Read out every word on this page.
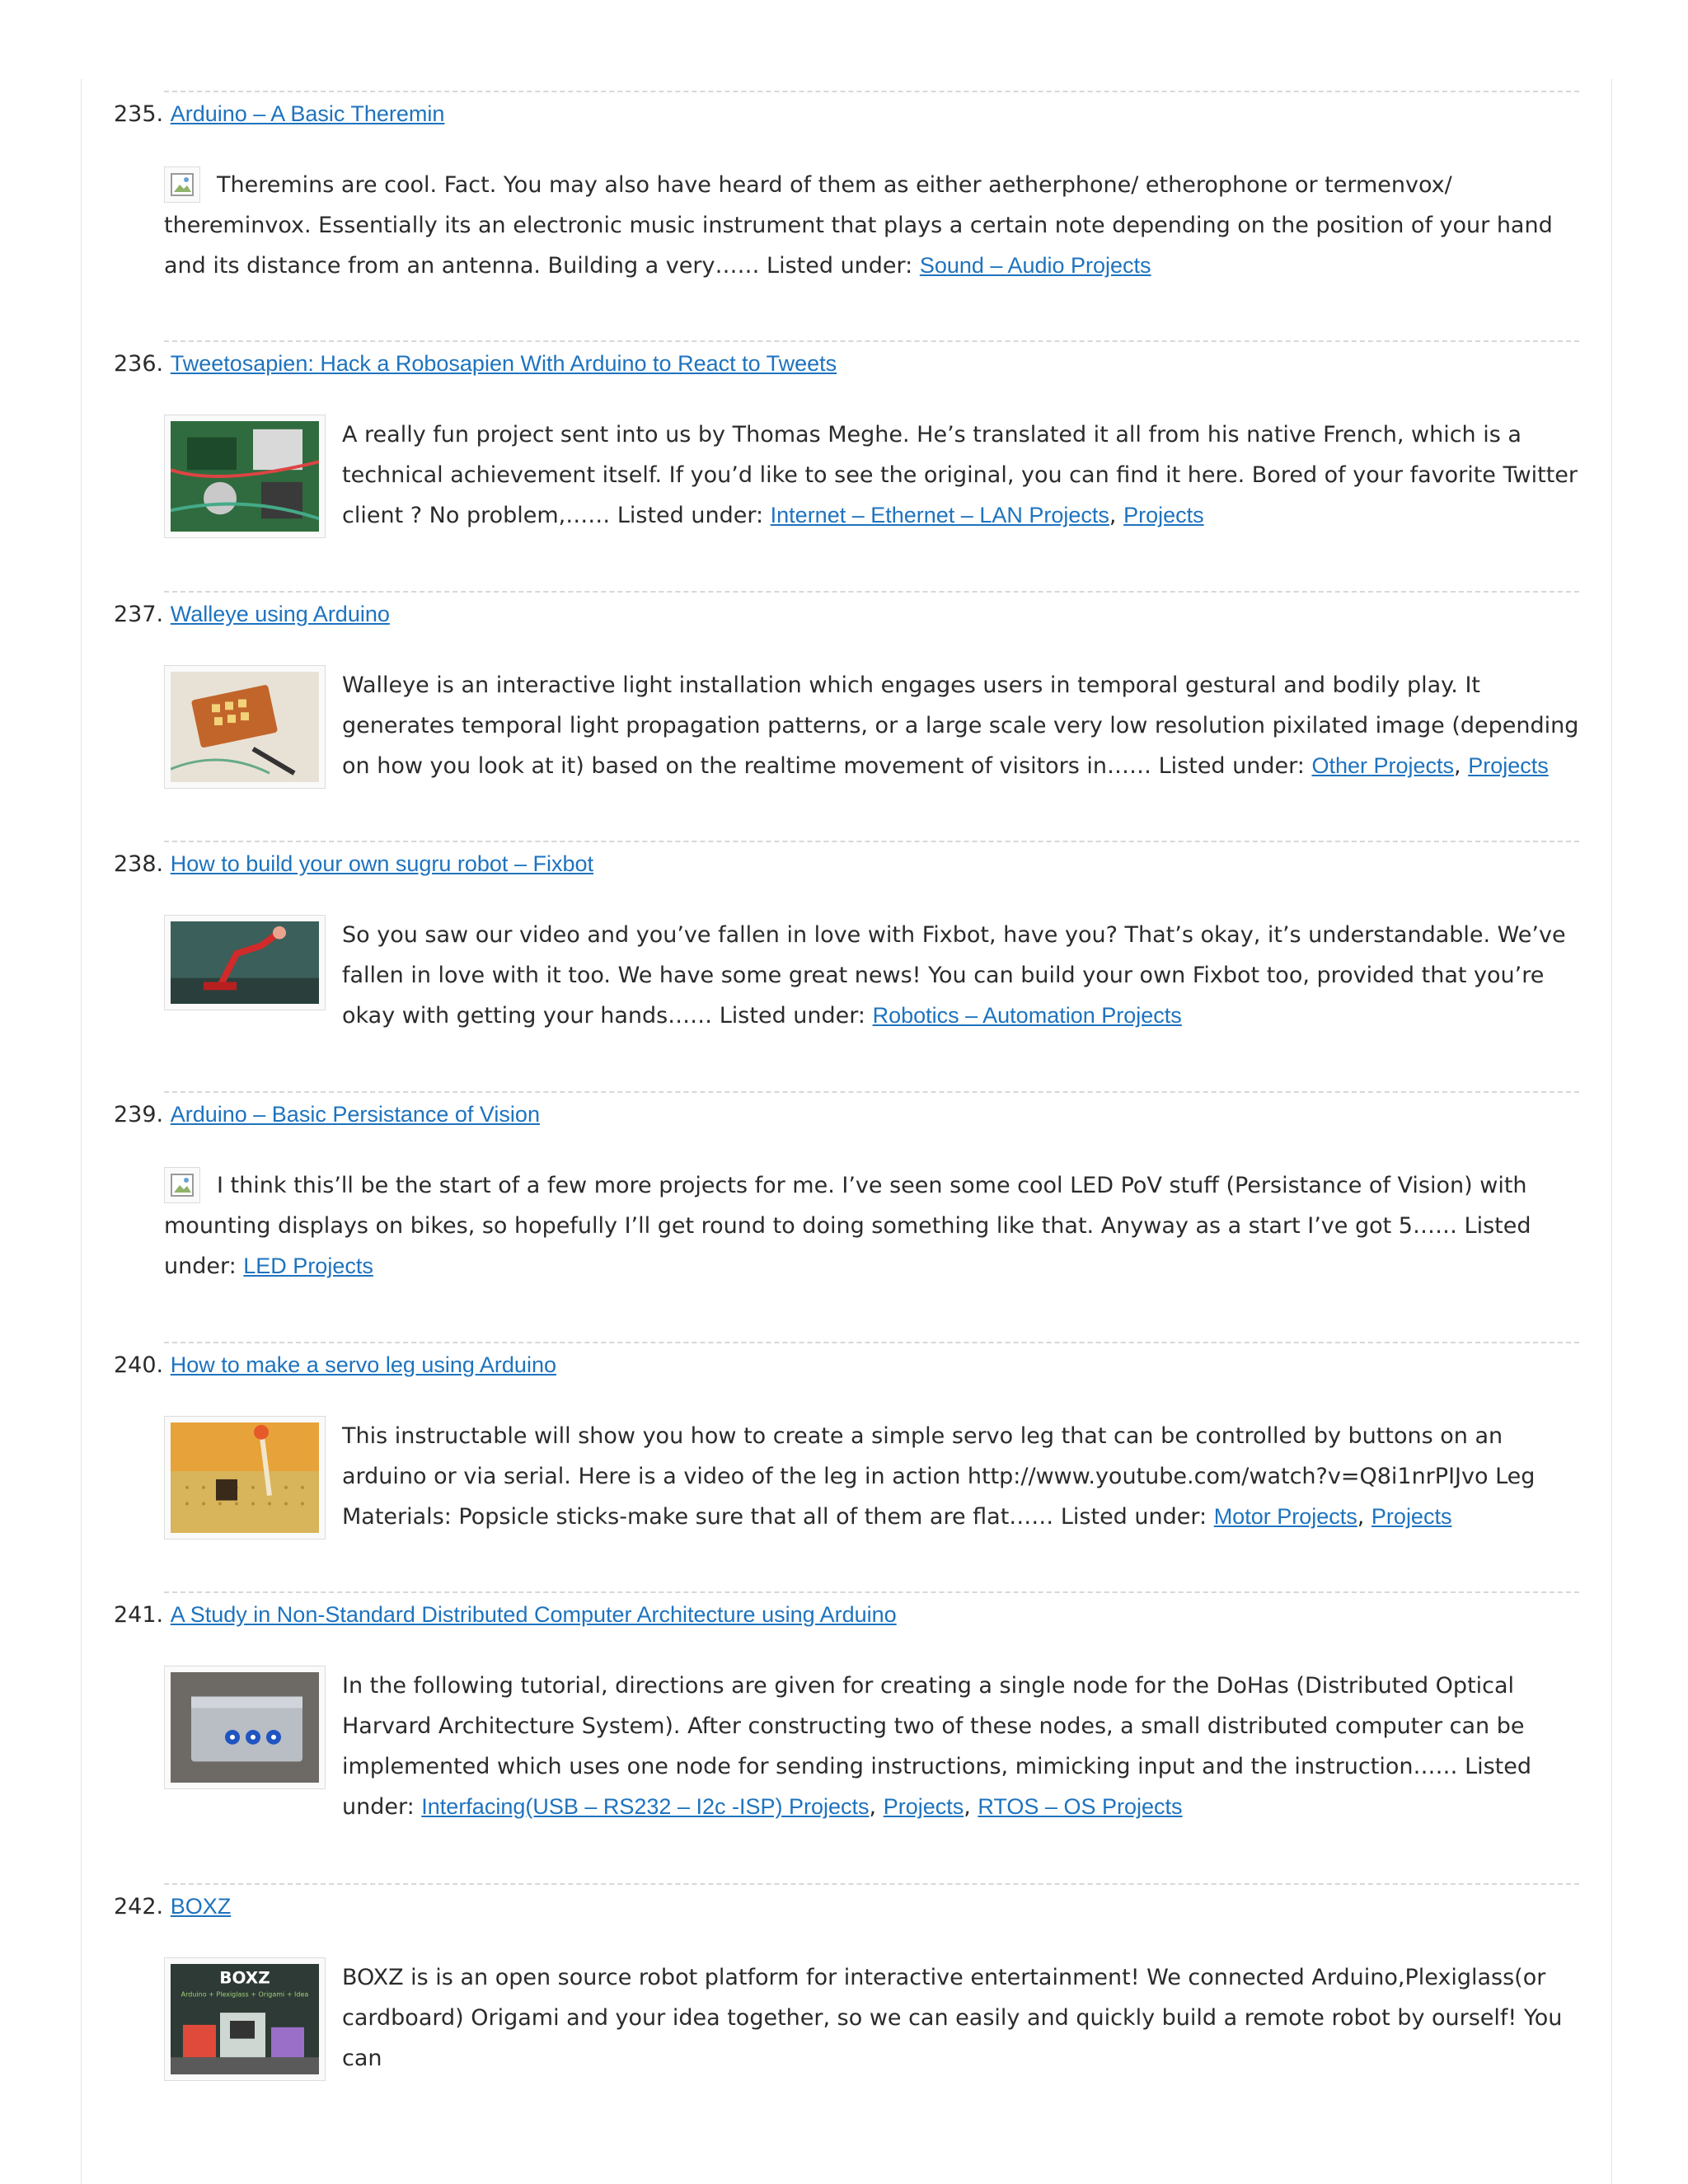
235. Arduino – A Basic Theremin
Theremins are cool. Fact. You may also have heard of them as either aetherphone/ etherophone or termenvox/ thereminvox. Essentially its an electronic music instrument that plays a certain note depending on the position of your hand and its distance from an antenna. Building a very…… Listed under: Sound – Audio Projects
236. Tweetosapien: Hack a Robosapien With Arduino to React to Tweets
A really fun project sent into us by Thomas Meghe. He’s translated it all from his native French, which is a technical achievement itself. If you’d like to see the original, you can find it here. Bored of your favorite Twitter client ? No problem,…… Listed under: Internet – Ethernet – LAN Projects, Projects
237. Walleye using Arduino
Walleye is an interactive light installation which engages users in temporal gestural and bodily play. It generates temporal light propagation patterns, or a large scale very low resolution pixilated image (depending on how you look at it) based on the realtime movement of visitors in…… Listed under: Other Projects, Projects
238. How to build your own sugru robot – Fixbot
So you saw our video and you’ve fallen in love with Fixbot, have you? That’s okay, it’s understandable. We’ve fallen in love with it too. We have some great news! You can build your own Fixbot too, provided that you’re okay with getting your hands…… Listed under: Robotics – Automation Projects
239. Arduino – Basic Persistance of Vision
I think this’ll be the start of a few more projects for me. I’ve seen some cool LED PoV stuff (Persistance of Vision) with mounting displays on bikes, so hopefully I’ll get round to doing something like that. Anyway as a start I’ve got 5…… Listed under: LED Projects
240. How to make a servo leg using Arduino
This instructable will show you how to create a simple servo leg that can be controlled by buttons on an arduino or via serial. Here is a video of the leg in action http://www.youtube.com/watch?v=Q8i1nrPIJvo Leg Materials: Popsicle sticks-make sure that all of them are flat…… Listed under: Motor Projects, Projects
241. A Study in Non-Standard Distributed Computer Architecture using Arduino
In the following tutorial, directions are given for creating a single node for the DoHas (Distributed Optical Harvard Architecture System). After constructing two of these nodes, a small distributed computer can be implemented which uses one node for sending instructions, mimicking input and the instruction…… Listed under: Interfacing(USB – RS232 – I2c -ISP) Projects, Projects, RTOS – OS Projects
242. BOXZ
BOXZ
Arduino + Plexiglass + Origami + Idea
BOXZ is is an open source robot platform for interactive entertainment! We connected Arduino,Plexiglass(or cardboard) Origami and your idea together, so we can easily and quickly build a remote robot by ourself! You can
